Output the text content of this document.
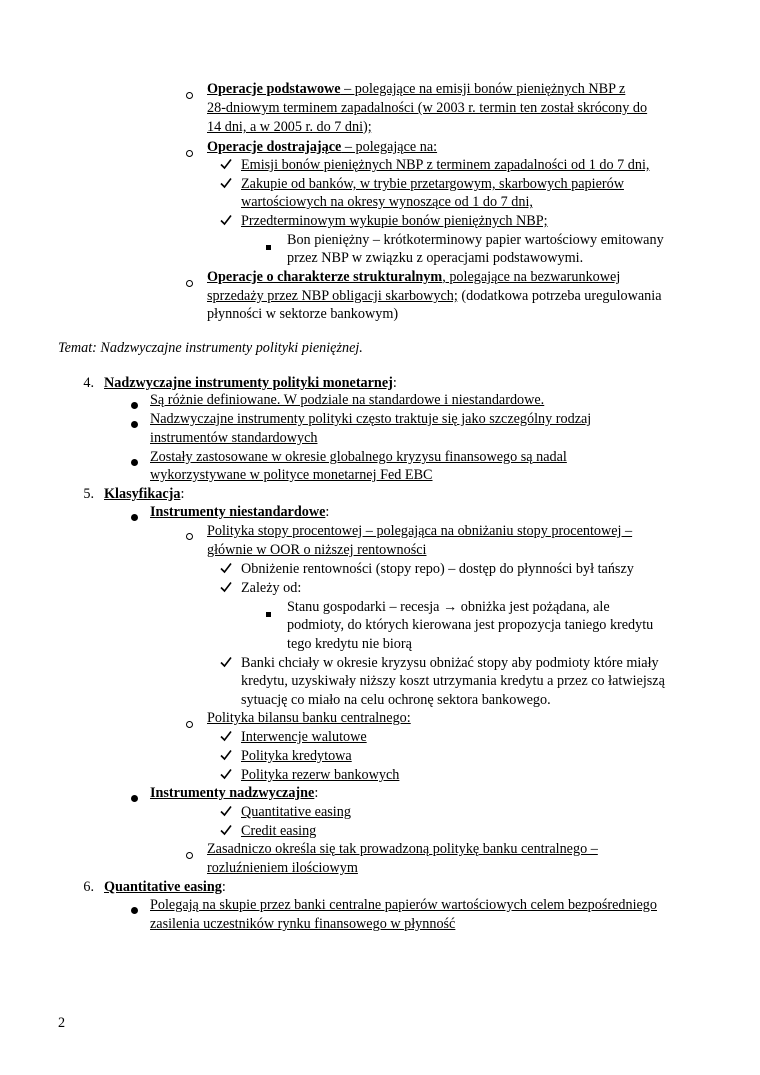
Operacje podstawowe – polegające na emisji bonów pieniężnych NBP z
28-dniowym terminem zapadalności (w 2003 r. termin ten został skrócony do
14 dni, a w 2005 r. do 7 dni);
Operacje dostrajające – polegające na:
Emisji bonów pieniężnych NBP z terminem zapadalności od 1 do 7 dni,
Zakupie od banków, w trybie przetargowym, skarbowych papierów
wartościowych na okresy wynoszące od 1 do 7 dni,
Przedterminowym wykupie bonów pieniężnych NBP;
Bon pieniężny – krótkoterminowy papier wartościowy emitowany
przez NBP w związku z operacjami podstawowymi.
Operacje o charakterze strukturalnym, polegające na bezwarunkowej
sprzedaży przez NBP obligacji skarbowych; (dodatkowa potrzeba uregulowania
płynności w sektorze bankowym)
Temat: Nadzwyczajne instrumenty polityki pieniężnej.
4. Nadzwyczajne instrumenty polityki monetarnej:
Są różnie definiowane. W podziale na standardowe i niestandardowe.
Nadzwyczajne instrumenty polityki często traktuje się jako szczególny rodzaj
instrumentów standardowych
Zostały zastosowane w okresie globalnego kryzysu finansowego są nadal
wykorzystywane w polityce monetarnej Fed EBC
5. Klasyfikacja:
Instrumenty niestandardowe:
Polityka stopy procentowej – polegająca na obniżaniu stopy procentowej –
głównie w OOR o niższej rentowności
Obniżenie rentowności (stopy repo) – dostęp do płynności był tańszy
Zależy od:
Stanu gospodarki – recesja → obniżka jest pożądana, ale
podmioty, do których kierowana jest propozycja taniego kredytu
tego kredytu nie biorą
Banki chciały w okresie kryzysu obniżać stopy aby podmioty które miały
kredytu, uzyskiwały niższy koszt utrzymania kredytu a przez co łatwiejszą
sytuację co miało na celu ochronę sektora bankowego.
Polityka bilansu banku centralnego:
Interwencje walutowe
Polityka kredytowa
Polityka rezerw bankowych
Instrumenty nadzwyczajne:
Quantitative easing
Credit easing
Zasadniczo określa się tak prowadzoną politykę banku centralnego –
rozluźnieniem ilościowym
6. Quantitative easing:
Polegają na skupie przez banki centralne papierów wartościowych celem bezpośredniego
zasilenia uczestników rynku finansowego w płynność
2
